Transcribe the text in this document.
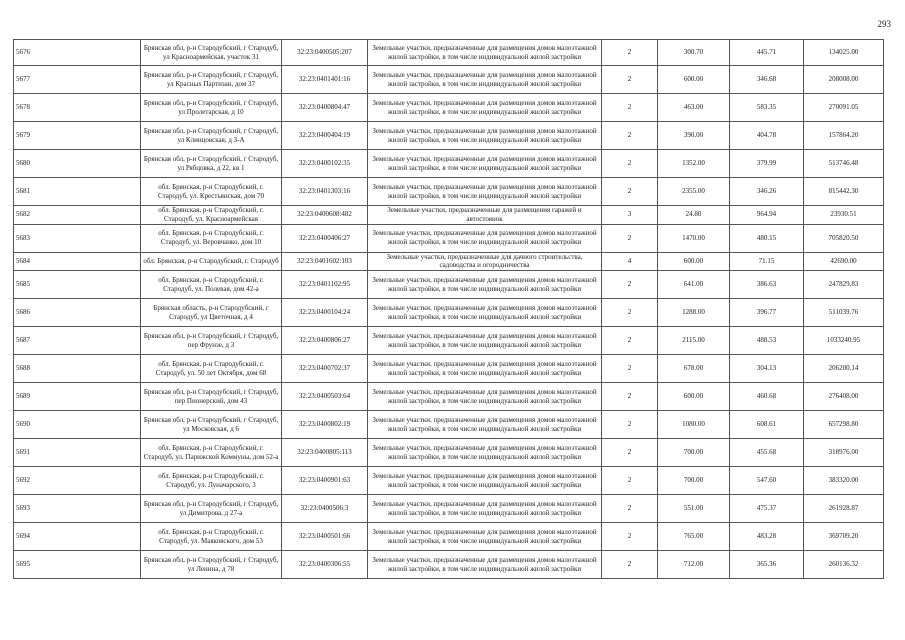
293
5676	Брянская обл, р-н Стародубский, г Стародуб, ул Красноармейская, участок 31	32:23:0400505:207	Земельные участки, предназначенные для размещения домов малоэтажной жилой застройки, в том числе индивидуальной жилой застройки	2	300.70	445.71	134025.00
5677	Брянская обл, р-н Стародубский, г Стародуб, ул Красных Партизан, дом 37	32:23:0401401:16	Земельные участки, предназначенные для размещения домов малоэтажной жилой застройки, в том числе индивидуальной жилой застройки	2	600.00	346.68	208008.00
5678	Брянская обл, р-н Стародубский, г Стародуб, ул Пролетарская, д 10	32:23:0400804:47	Земельные участки, предназначенные для размещения домов малоэтажной жилой застройки, в том числе индивидуальной жилой застройки	2	463.00	583.35	270091.05
5679	Брянская обл, р-н Стародубский, г Стародуб, ул Клинцовская, д 3-А	32:23:0400404:19	Земельные участки, предназначенные для размещения домов малоэтажной жилой застройки, в том числе индивидуальной жилой застройки	2	390.00	404.78	157864.20
5680	Брянская обл, р-н Стародубский, г Стародуб, ул Рябцовка, д 22, кв 1	32:23:0400102:35	Земельные участки, предназначенные для размещения домов малоэтажной жилой застройки, в том числе индивидуальной жилой застройки	2	1352.00	379.99	513746.48
5681	обл. Брянская, р-н Стародубский, г. Стародуб, ул. Крестьянская, дом 70	32:23:0401303:16	Земельные участки, предназначенные для размещения домов малоэтажной жилой застройки, в том числе индивидуальной жилой застройки	2	2355.00	346.26	815442.30
5682	обл. Брянская, р-н Стародубский, г. Стародуб, ул. Красноармейская	32:23:0400608:482	Земельные участки, предназначенные для размещения гаражей и автостоянок	3	24.80	964.94	23930.51
5683	обл. Брянская, р-н Стародубский, г. Стародуб, ул. Веровчанко, дом 10	32:23:0400406:27	Земельные участки, предназначенные для размещения домов малоэтажной жилой застройки, в том числе индивидуальной жилой застройки	2	1470.00	480.15	705820.50
5684	обл. Брянская, р-н Стародубский, г. Стародуб	32:23:0401602:103	Земельные участки, предназначенные для дачного строительства, садоводства и огородничества	4	600.00	71.15	42690.00
5685	обл. Брянская, р-н Стародубский, г. Стародуб, ул. Полевая, дом 42-а	32:23:0401102:95	Земельные участки, предназначенные для размещения домов малоэтажной жилой застройки, в том числе индивидуальной жилой застройки	2	641.00	386.63	247829.83
5686	Брянская область, р-н Стародубский, г Стародуб, ул Цветочная, д 4	32:23:0400104:24	Земельные участки, предназначенные для размещения домов малоэтажной жилой застройки, в том числе индивидуальной жилой застройки	2	1288.00	396.77	511039.76
5687	Брянская обл, р-н Стародубский, г Стародуб, пер Фрунзе, д 3	32:23:0400806:27	Земельные участки, предназначенные для размещения домов малоэтажной жилой застройки, в том числе индивидуальной жилой застройки	2	2115.00	488.53	1033240.95
5688	обл. Брянская, р-н Стародубский, г. Стародуб, ул. 50 лет Октября, дом 68	32:23:0400702:37	Земельные участки, предназначенные для размещения домов малоэтажной жилой застройки, в том числе индивидуальной жилой застройки	2	678.00	304.13	206200.14
5689	Брянская обл, р-н Стародубский, г Стародуб, пер Пионерский, дом 43	32:23:0400503:64	Земельные участки, предназначенные для размещения домов малоэтажной жилой застройки, в том числе индивидуальной жилой застройки	2	600.00	460.68	276408.00
5690	Брянская обл, р-н Стародубский, г Стародуб, ул Московская, д 6	32:23:0400802:19	Земельные участки, предназначенные для размещения домов малоэтажной жилой застройки, в том числе индивидуальной жилой застройки	2	1080.00	608.61	657298.80
5691	обл. Брянская, р-н Стародубский, г. Стародуб, ул. Парижской Коммуны, дом 52-а	32:23:0400805:113	Земельные участки, предназначенные для размещения домов малоэтажной жилой застройки, в том числе индивидуальной жилой застройки	2	700.00	455.68	318976.00
5692	обл. Брянская, р-н Стародубский, г. Стародуб, ул. Луначарского, 3	32:23:0400901:63	Земельные участки, предназначенные для размещения домов малоэтажной жилой застройки, в том числе индивидуальной жилой застройки	2	700.00	547.60	383320.00
5693	Брянская обл, р-н Стародубский, г Стародуб, ул Димитрова, д 27-а	32:23:0400506:3	Земельные участки, предназначенные для размещения домов малоэтажной жилой застройки, в том числе индивидуальной жилой застройки	2	551.00	475.37	261928.87
5694	обл. Брянская, р-н Стародубский, г. Стародуб, ул. Маяковского, дом 53	32:23:0400501:66	Земельные участки, предназначенные для размещения домов малоэтажной жилой застройки, в том числе индивидуальной жилой застройки	2	765.00	483.28	369709.20
5695	Брянская обл, р-н Стародубский, г Стародуб, ул Ленина, д 78	32:23:0400306:55	Земельные участки, предназначенные для размещения домов малоэтажной жилой застройки, в том числе индивидуальной жилой застройки	2	712.00	365.36	260136.32
